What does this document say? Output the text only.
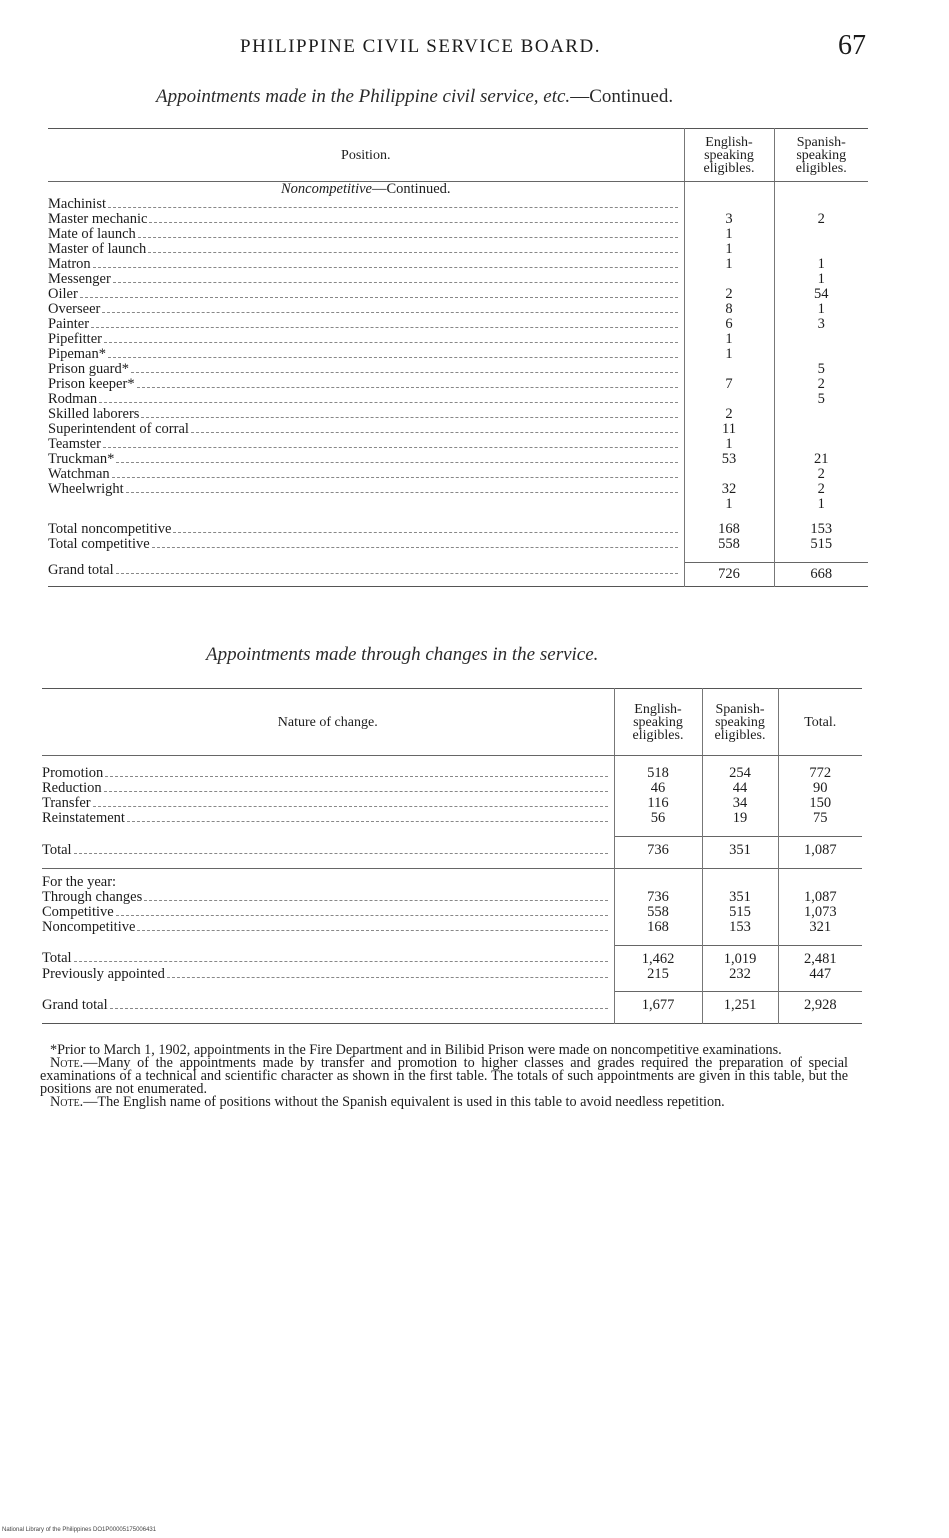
PHILIPPINE CIVIL SERVICE BOARD.	67
Appointments made in the Philippine civil service, etc.—Continued.
Position.	English-speaking eligibles.	Spanish-speaking eligibles.
Noncompetitive—Continued.		

Machinist		

Master mechanic	3	2

Mate of launch	1	

Master of launch	1	

Matron	1	1

Messenger		1

Oiler	2	54

Overseer	8	1

Painter	6	3

Pipefitter	1	

Pipeman*	1	

Prison guard*		5

Prison keeper*	7	2

Rodman		5

Skilled laborers	2	

Superintendent of corral	11	

Teamster	1	

Truckman*	53	21

Watchman		2

Wheelwright	32	2
	1	1

Total noncompetitive	168	153

Total competitive	558	515

Grand total	726	668
Appointments made through changes in the service.
Nature of change.	English-speaking eligibles.	Spanish-speaking eligibles.	Total.

Promotion	518	254	772

Reduction	46	44	90

Transfer	116	34	150

Reinstatement	56	19	75

Total	736	351	1,087
For the year:			

Through changes	736	351	1,087

Competitive	558	515	1,073

Noncompetitive	168	153	321

Total	1,462	1,019	2,481

Previously appointed	215	232	447

Grand total	1,677	1,251	2,928

*Prior to March 1, 1902, appointments in the Fire Department and in Bilibid Prison were made on noncompetitive examinations.

Note.—Many of the appointments made by transfer and promotion to higher classes and grades required the preparation of special examinations of a technical and scientific character as shown in the first table. The totals of such appointments are given in this table, but the positions are not enumerated.

Note.—The English name of positions without the Spanish equivalent is used in this table to avoid needless repetition.

National Library of the Philippines DO1P00005175006431
